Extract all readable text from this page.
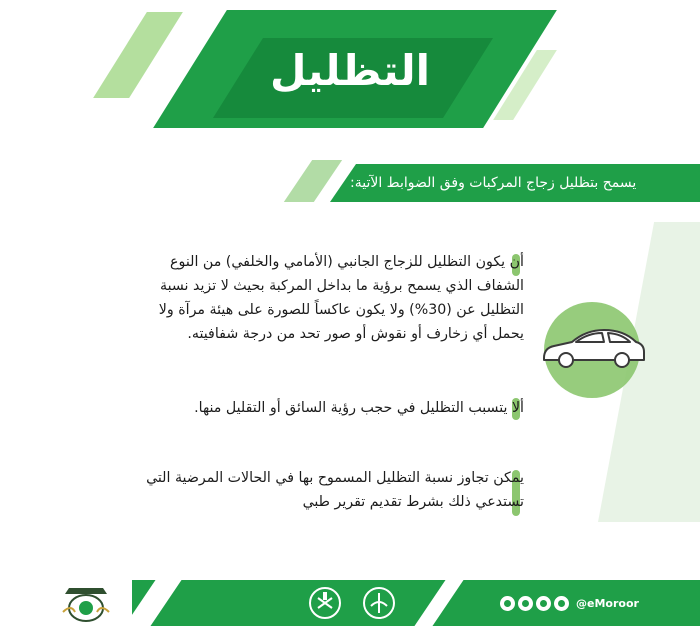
التظليل
يسمح بتظليل زجاج المركبات وفق الضوابط الآتية:
أن يكون التظليل للزجاج الجانبي (الأمامي والخلفي) من النوع الشفاف الذي يسمح برؤية ما بداخل المركبة بحيث لا تزيد نسبة التظليل عن (30%) ولا يكون عاكساً للصورة على هيئة مرآة ولا يحمل أي زخارف أو نقوش أو صور تحد من درجة شفافيته.
ألا يتسبب التظليل في حجب رؤية السائق أو التقليل منها.
يمكن تجاوز نسبة التظليل المسموح بها في الحالات المرضية التي تستدعي ذلك بشرط تقديم تقرير طبي
@eMoroor
